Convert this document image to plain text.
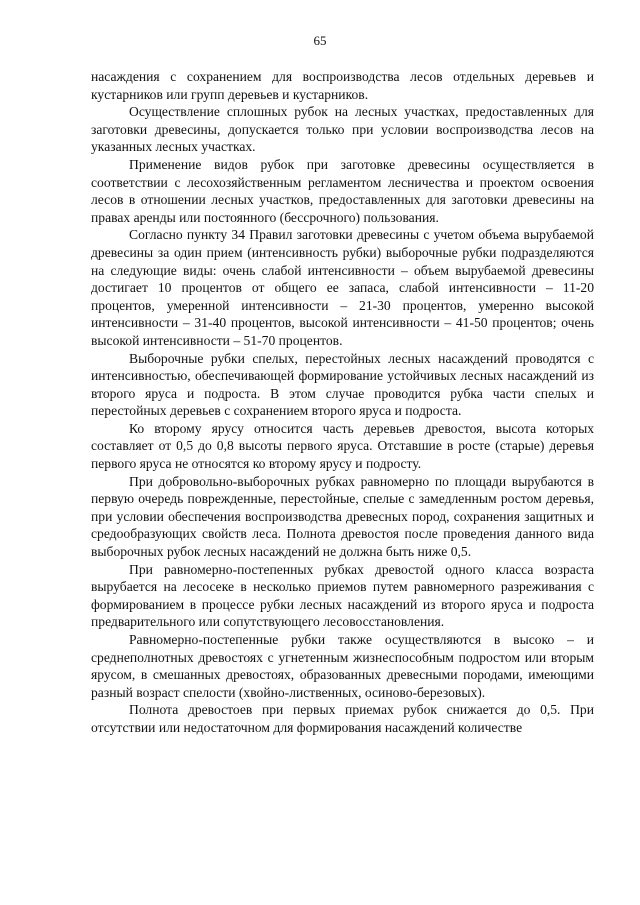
65

насаждения с сохранением для воспроизводства лесов отдельных деревьев и кустарников или групп деревьев и кустарников.

Осуществление сплошных рубок на лесных участках, предоставленных для заготовки древесины, допускается только при условии воспроизводства лесов на указанных лесных участках.

Применение видов рубок при заготовке древесины осуществляется в соответствии с лесохозяйственным регламентом лесничества и проектом освоения лесов в отношении лесных участков, предоставленных для заготовки древесины на правах аренды или постоянного (бессрочного) пользования.

Согласно пункту 34 Правил заготовки древесины с учетом объема вырубаемой древесины за один прием (интенсивность рубки) выборочные рубки подразделяются на следующие виды: очень слабой интенсивности – объем вырубаемой древесины достигает 10 процентов от общего ее запаса, слабой интенсивности – 11-20 процентов, умеренной интенсивности – 21-30 процентов, умеренно высокой интенсивности – 31-40 процентов, высокой интенсивности – 41-50 процентов; очень высокой интенсивности – 51-70 процентов.

Выборочные рубки спелых, перестойных лесных насаждений проводятся с интенсивностью, обеспечивающей формирование устойчивых лесных насаждений из второго яруса и подроста. В этом случае проводится рубка части спелых и перестойных деревьев с сохранением второго яруса и подроста.

Ко второму ярусу относится часть деревьев древостоя, высота которых составляет от 0,5 до 0,8 высоты первого яруса. Отставшие в росте (старые) деревья первого яруса не относятся ко второму ярусу и подросту.

При добровольно-выборочных рубках равномерно по площади вырубаются в первую очередь поврежденные, перестойные, спелые с замедленным ростом деревья, при условии обеспечения воспроизводства древесных пород, сохранения защитных и средообразующих свойств леса. Полнота древостоя после проведения данного вида выборочных рубок лесных насаждений не должна быть ниже 0,5.

При равномерно-постепенных рубках древостой одного класса возраста вырубается на лесосеке в несколько приемов путем равномерного разреживания с формированием в процессе рубки лесных насаждений из второго яруса и подроста предварительного или сопутствующего лесовосстановления.

Равномерно-постепенные рубки также осуществляются в высоко – и среднеполнотных древостоях с угнетенным жизнеспособным подростом или вторым ярусом, в смешанных древостоях, образованных древесными породами, имеющими разный возраст спелости (хвойно-лиственных, осиново-березовых).

Полнота древостоев при первых приемах рубок снижается до 0,5. При отсутствии или недостаточном для формирования насаждений количестве
